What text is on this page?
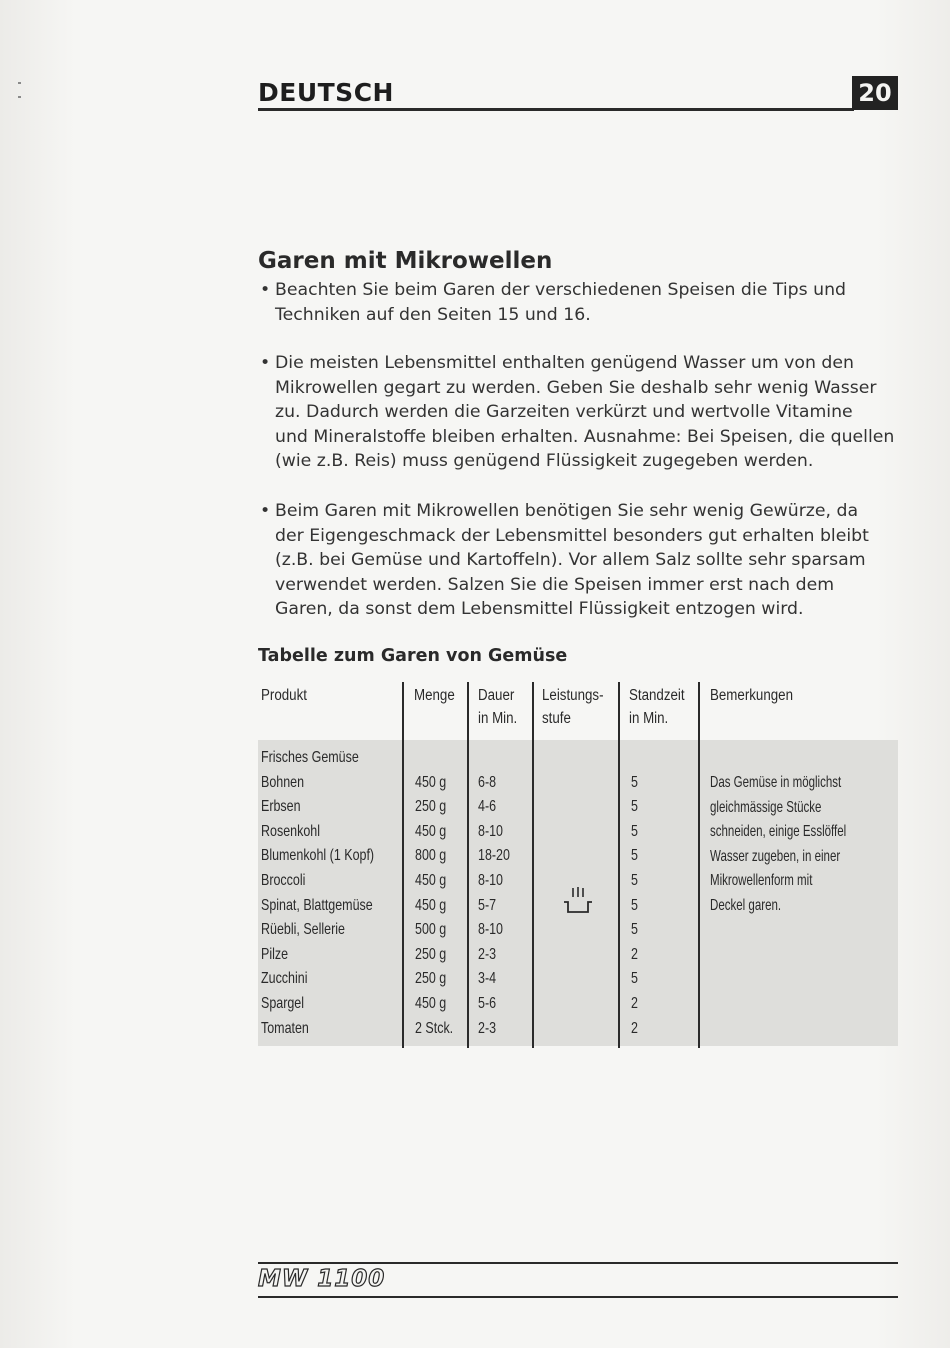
DEUTSCH	20
Garen mit Mikrowellen
• Beachten Sie beim Garen der verschiedenen Speisen die Tips und
Techniken auf den Seiten 15 und 16.
• Die meisten Lebensmittel enthalten genügend Wasser um von den
Mikrowellen gegart zu werden. Geben Sie deshalb sehr wenig Wasser
zu. Dadurch werden die Garzeiten verkürzt und wertvolle Vitamine
und Mineralstoffe bleiben erhalten. Ausnahme: Bei Speisen, die quellen
(wie z.B. Reis) muss genügend Flüssigkeit zugegeben werden.
• Beim Garen mit Mikrowellen benötigen Sie sehr wenig Gewürze, da
der Eigengeschmack der Lebensmittel besonders gut erhalten bleibt
(z.B. bei Gemüse und Kartoffeln). Vor allem Salz sollte sehr sparsam
verwendet werden. Salzen Sie die Speisen immer erst nach dem
Garen, da sonst dem Lebensmittel Flüssigkeit entzogen wird.
Tabelle zum Garen von Gemüse
Produkt	Menge Dauer
in Min.
Leistungs-
stufe
Standzeit
in Min.
Bemerkungen
Frisches Gemüse
Bohnen
Erbsen
Rosenkohl
Blumenkohl (1 Kopf)
Broccoli
Spinat, Blattgemüse
Rüebli, Sellerie
Pilze
Zucchini
Spargel
Tomaten
450 g
250 g
450 g
800 g
450 g
450 g
500 g
250 g
250 g
450 g
2 Stck.
6-8
4-6
8-10
18-20
8-10
5-7
8-10
2-3
3-4
5-6
2-3
5
5
5
5
5
5
5
2
5
2
2
Das Gemüse in möglichst
gleichmässige Stücke
schneiden, einige Esslöffel
Wasser zugeben, in einer
Mikrowellenform mit
Deckel garen.
MW 1100
